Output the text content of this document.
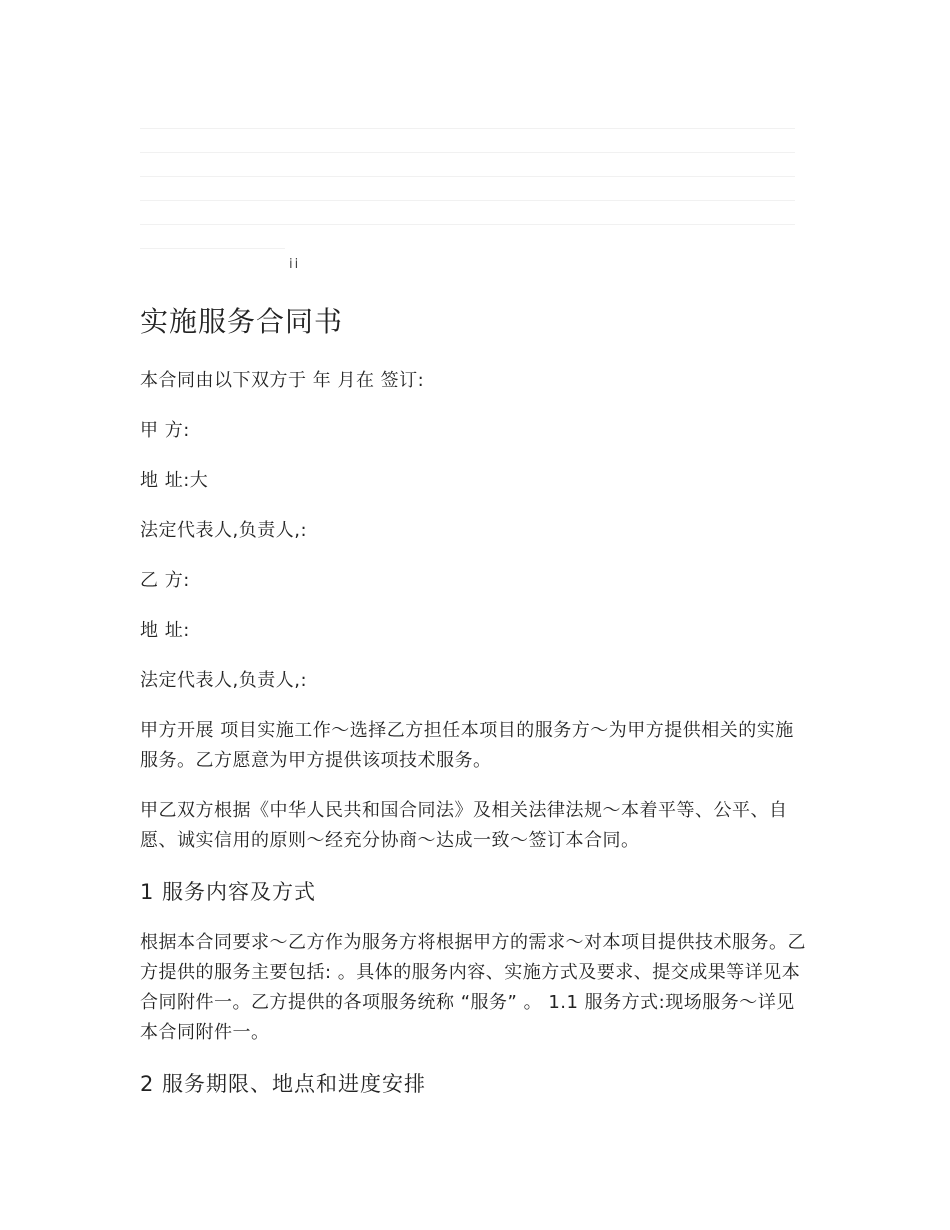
ii
实施服务合同书

本合同由以下双方于 年 月在 签订:

甲 方:

地 址:大

法定代表人,负责人,:

乙 方:

地 址:

法定代表人,负责人,:

甲方开展 项目实施工作～选择乙方担任本项目的服务方～为甲方提供相关的实施服务。乙方愿意为甲方提供该项技术服务。

甲乙双方根据《中华人民共和国合同法》及相关法律法规～本着平等、公平、自愿、诚实信用的原则～经充分协商～达成一致～签订本合同。

1 服务内容及方式

根据本合同要求～乙方作为服务方将根据甲方的需求～对本项目提供技术服务。乙方提供的服务主要包括: 。具体的服务内容、实施方式及要求、提交成果等详见本合同附件一。乙方提供的各项服务统称 “服务” 。 1.1 服务方式:现场服务～详见本合同附件一。

2 服务期限、地点和进度安排
